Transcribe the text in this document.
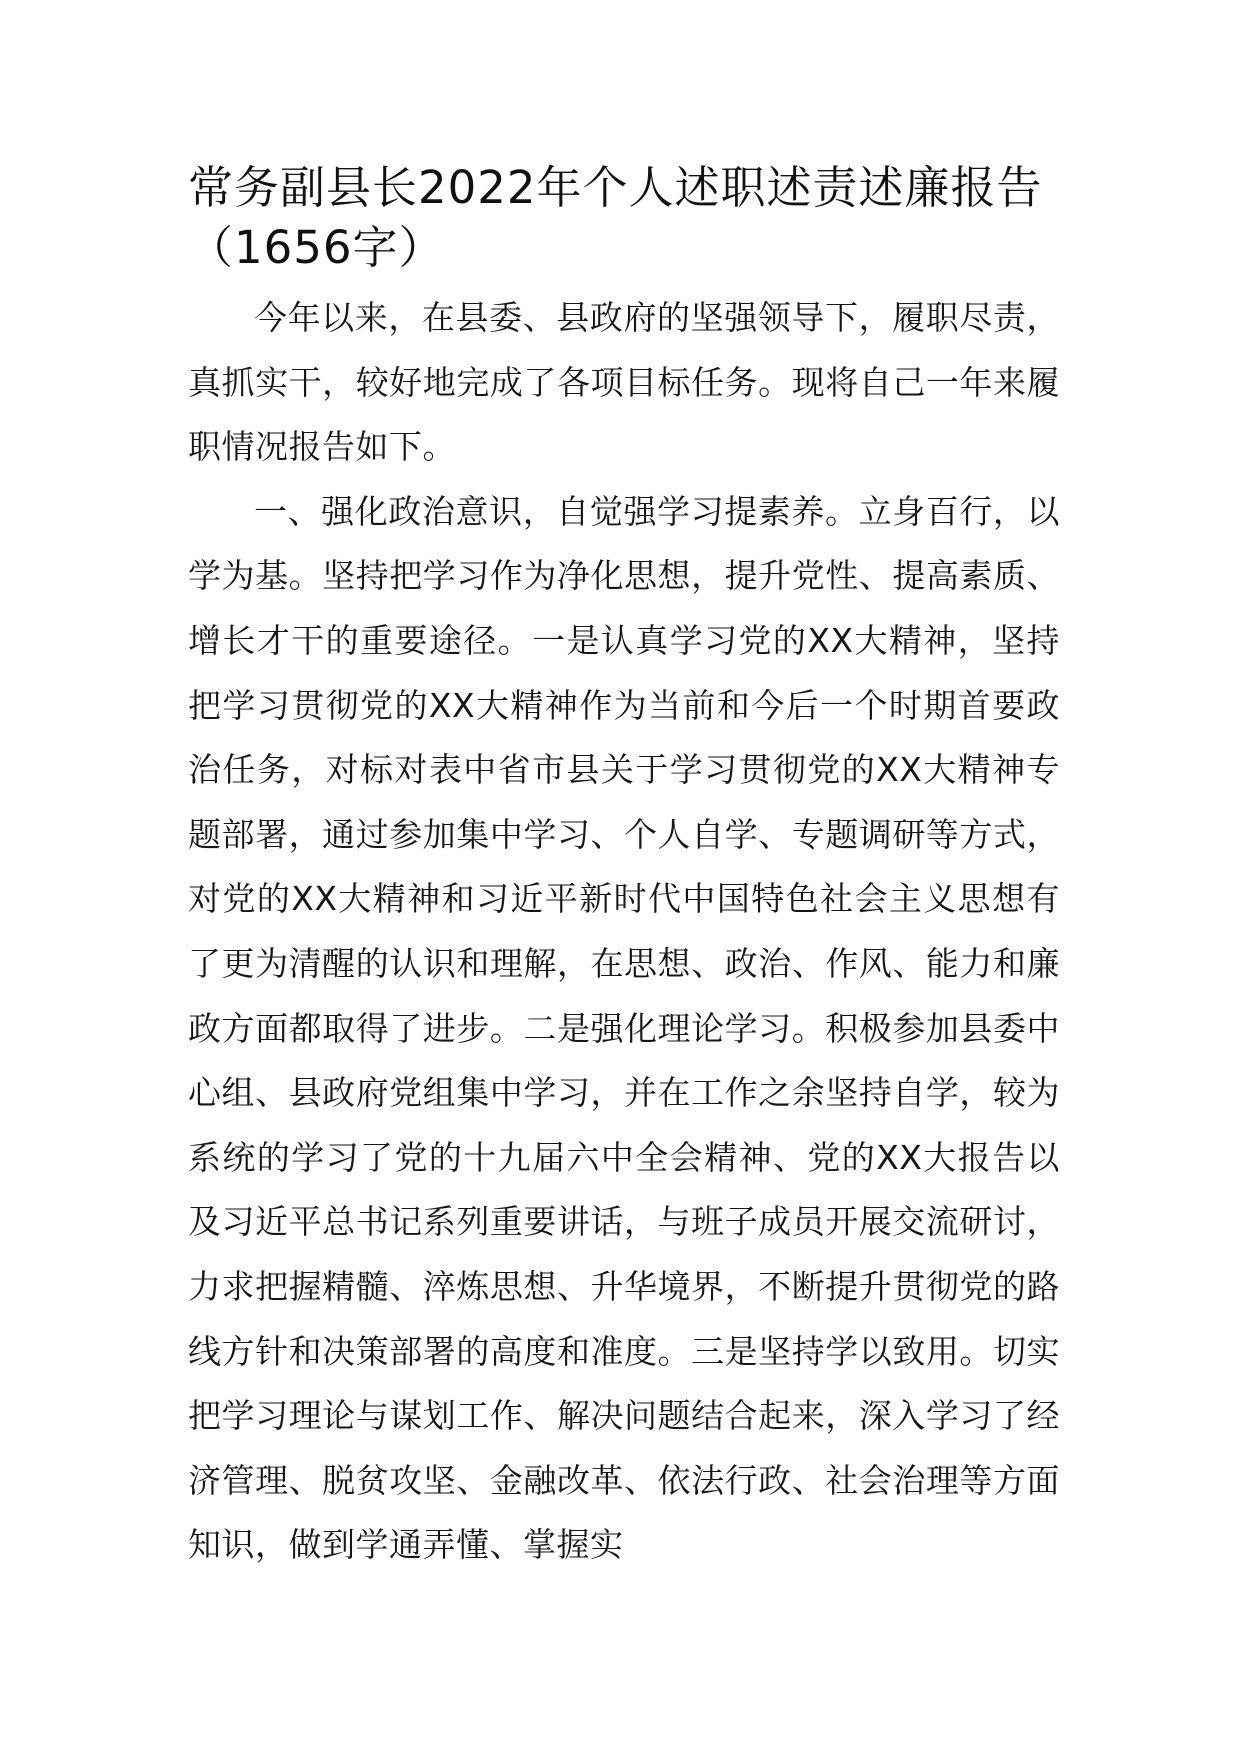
常务副县长2022年个人述职述责述廉报告
（1656字）

今年以来，在县委、县政府的坚强领导下，履职尽责，真抓实干，较好地完成了各项目标任务。现将自己一年来履职情况报告如下。

一、强化政治意识，自觉强学习提素养。立身百行，以学为基。坚持把学习作为净化思想，提升党性、提高素质、增长才干的重要途径。一是认真学习党的XX大精神，坚持把学习贯彻党的XX大精神作为当前和今后一个时期首要政治任务，对标对表中省市县关于学习贯彻党的XX大精神专题部署，通过参加集中学习、个人自学、专题调研等方式，对党的XX大精神和习近平新时代中国特色社会主义思想有了更为清醒的认识和理解，在思想、政治、作风、能力和廉政方面都取得了进步。二是强化理论学习。积极参加县委中心组、县政府党组集中学习，并在工作之余坚持自学，较为系统的学习了党的十九届六中全会精神、党的XX大报告以及习近平总书记系列重要讲话，与班子成员开展交流研讨，力求把握精髓、淬炼思想、升华境界，不断提升贯彻党的路线方针和决策部署的高度和准度。三是坚持学以致用。切实把学习理论与谋划工作、解决问题结合起来，深入学习了经济管理、脱贫攻坚、金融改革、依法行政、社会治理等方面知识，做到学通弄懂、掌握实
